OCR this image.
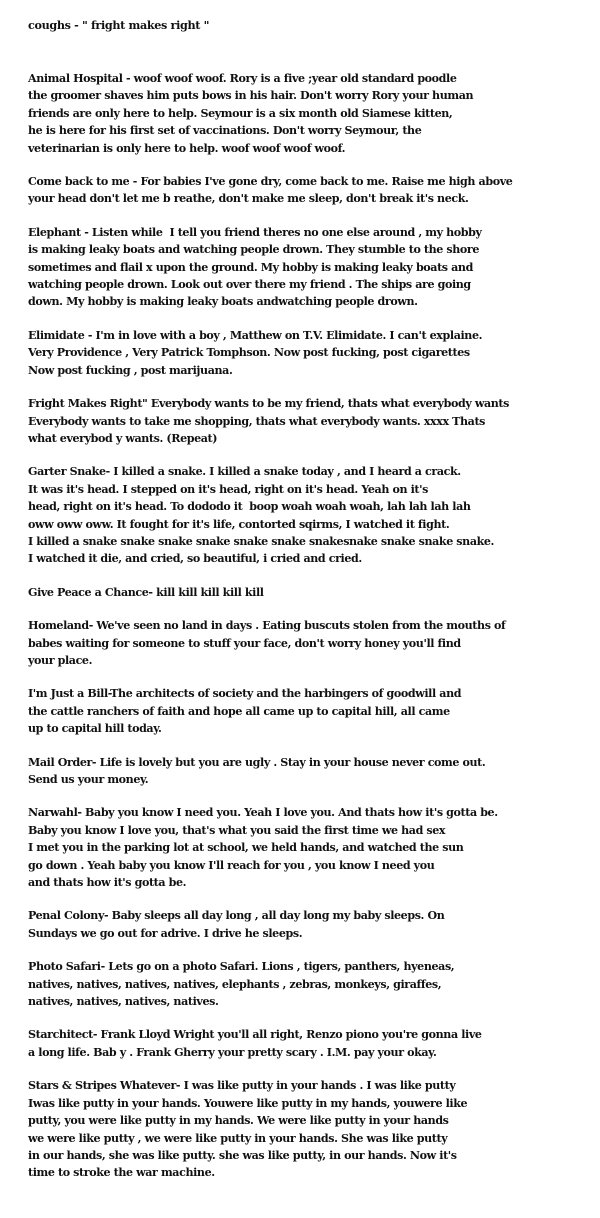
coughs - " fright makes right "
Animal Hospital - woof woof woof. Rory is a five ;year old standard poodle
the groomer shaves him puts bows in his hair. Don't worry Rory your human
friends are only here to help. Seymour is a six month old Siamese kitten,
he is here for his first set of vaccinations. Don't worry Seymour, the
veterinarian is only here to help. woof woof woof woof.
Come back to me - For babies I've gone dry, come back to me. Raise me high above
your head don't let me b reathe, don't make me sleep, don't break it's neck.
Elephant - Listen while  I tell you friend theres no one else around , my hobby
is making leaky boats and watching people drown. They stumble to the shore
sometimes and flail x upon the ground. My hobby is making leaky boats and
watching people drown. Look out over there my friend . The ships are going
down. My hobby is making leaky boats andwatching people drown.
Elimidate - I'm in love with a boy , Matthew on T.V. Elimidate. I can't explaine.
Very Providence , Very Patrick Tomphson. Now post fucking, post cigarettes
Now post fucking , post marijuana.
Fright Makes Right" Everybody wants to be my friend, thats what everybody wants
Everybody wants to take me shopping, thats what everybody wants. xxxx Thats
what everybod y wants. (Repeat)
Garter Snake- I killed a snake. I killed a snake today , and I heard a crack.
It was it's head. I stepped on it's head, right on it's head. Yeah on it's
head, right on it's head. To dododo it  boop woah woah woah, lah lah lah lah
oww oww oww. It fought for it's life, contorted sqirms, I watched it fight.
I killed a snake snake snake snake snake snake snakesnake snake snake snake.
I watched it die, and cried, so beautiful, i cried and cried.
Give Peace a Chance- kill kill kill kill kill
Homeland- We've seen no land in days . Eating buscuts stolen from the mouths of
babes waiting for someone to stuff your face, don't worry honey you'll find
your place.
I'm Just a Bill-The architects of society and the harbingers of goodwill and
the cattle ranchers of faith and hope all came up to capital hill, all came
up to capital hill today.
Mail Order- Life is lovely but you are ugly . Stay in your house never come out.
Send us your money.
Narwahl- Baby you know I need you. Yeah I love you. And thats how it's gotta be.
Baby you know I love you, that's what you said the first time we had sex
I met you in the parking lot at school, we held hands, and watched the sun
go down . Yeah baby you know I'll reach for you , you know I need you
and thats how it's gotta be.
Penal Colony- Baby sleeps all day long , all day long my baby sleeps. On
Sundays we go out for adrive. I drive he sleeps.
Photo Safari- Lets go on a photo Safari. Lions , tigers, panthers, hyeneas,
natives, natives, natives, natives, elephants , zebras, monkeys, giraffes,
natives, natives, natives, natives.
Starchitect- Frank Lloyd Wright you'll all right, Renzo piono you're gonna live
a long life. Bab y . Frank Gherry your pretty scary . I.M. pay your okay.
Stars & Stripes Whatever- I was like putty in your hands . I was like putty
Iwas like putty in your hands. Youwere like putty in my hands, youwere like
putty, you were like putty in my hands. We were like putty in your hands
we were like putty , we were like putty in your hands. She was like putty
in our hands, she was like putty. she was like putty, in our hands. Now it's
time to stroke the war machine.
